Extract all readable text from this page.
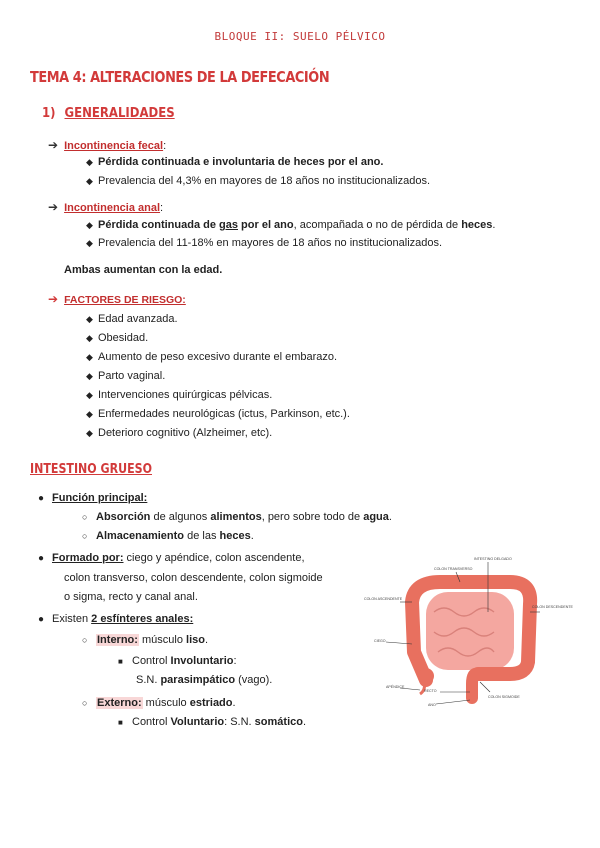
BLOQUE II: SUELO PÉLVICO
TEMA 4: ALTERACIONES DE LA DEFECACIÓN
1) GENERALIDADES
➔ Incontinencia fecal:
◆ Pérdida continuada e involuntaria de heces por el ano.
◆ Prevalencia del 4,3% en mayores de 18 años no institucionalizados.
➔ Incontinencia anal:
◆ Pérdida continuada de gas por el ano, acompañada o no de pérdida de heces.
◆ Prevalencia del 11-18% en mayores de 18 años no institucionalizados.
Ambas aumentan con la edad.
➔ FACTORES DE RIESGO:
◆ Edad avanzada.
◆ Obesidad.
◆ Aumento de peso excesivo durante el embarazo.
◆ Parto vaginal.
◆ Intervenciones quirúrgicas pélvicas.
◆ Enfermedades neurológicas (ictus, Parkinson, etc.).
◆ Deterioro cognitivo (Alzheimer, etc).
INTESTINO GRUESO
● Función principal:
○ Absorción de algunos alimentos, pero sobre todo de agua.
○ Almacenamiento de las heces.
● Formado por: ciego y apéndice, colon ascendente,
colon transverso, colon descendente, colon sigmoide
o sigma, recto y canal anal.
● Existen 2 esfínteres anales:
○ Interno: músculo liso.
■ Control Involuntario:
S.N. parasimpático (vago).
○ Externo: músculo estriado.
■ Control Voluntario: S.N. somático.
INTESTINO DELGADO
COLON TRANSVERSO
COLON ASCENDENTE
COLON DESCENDENTE
CIEGO
APÉNDICE
RECTO
COLON SIGMOIDE
ANO
